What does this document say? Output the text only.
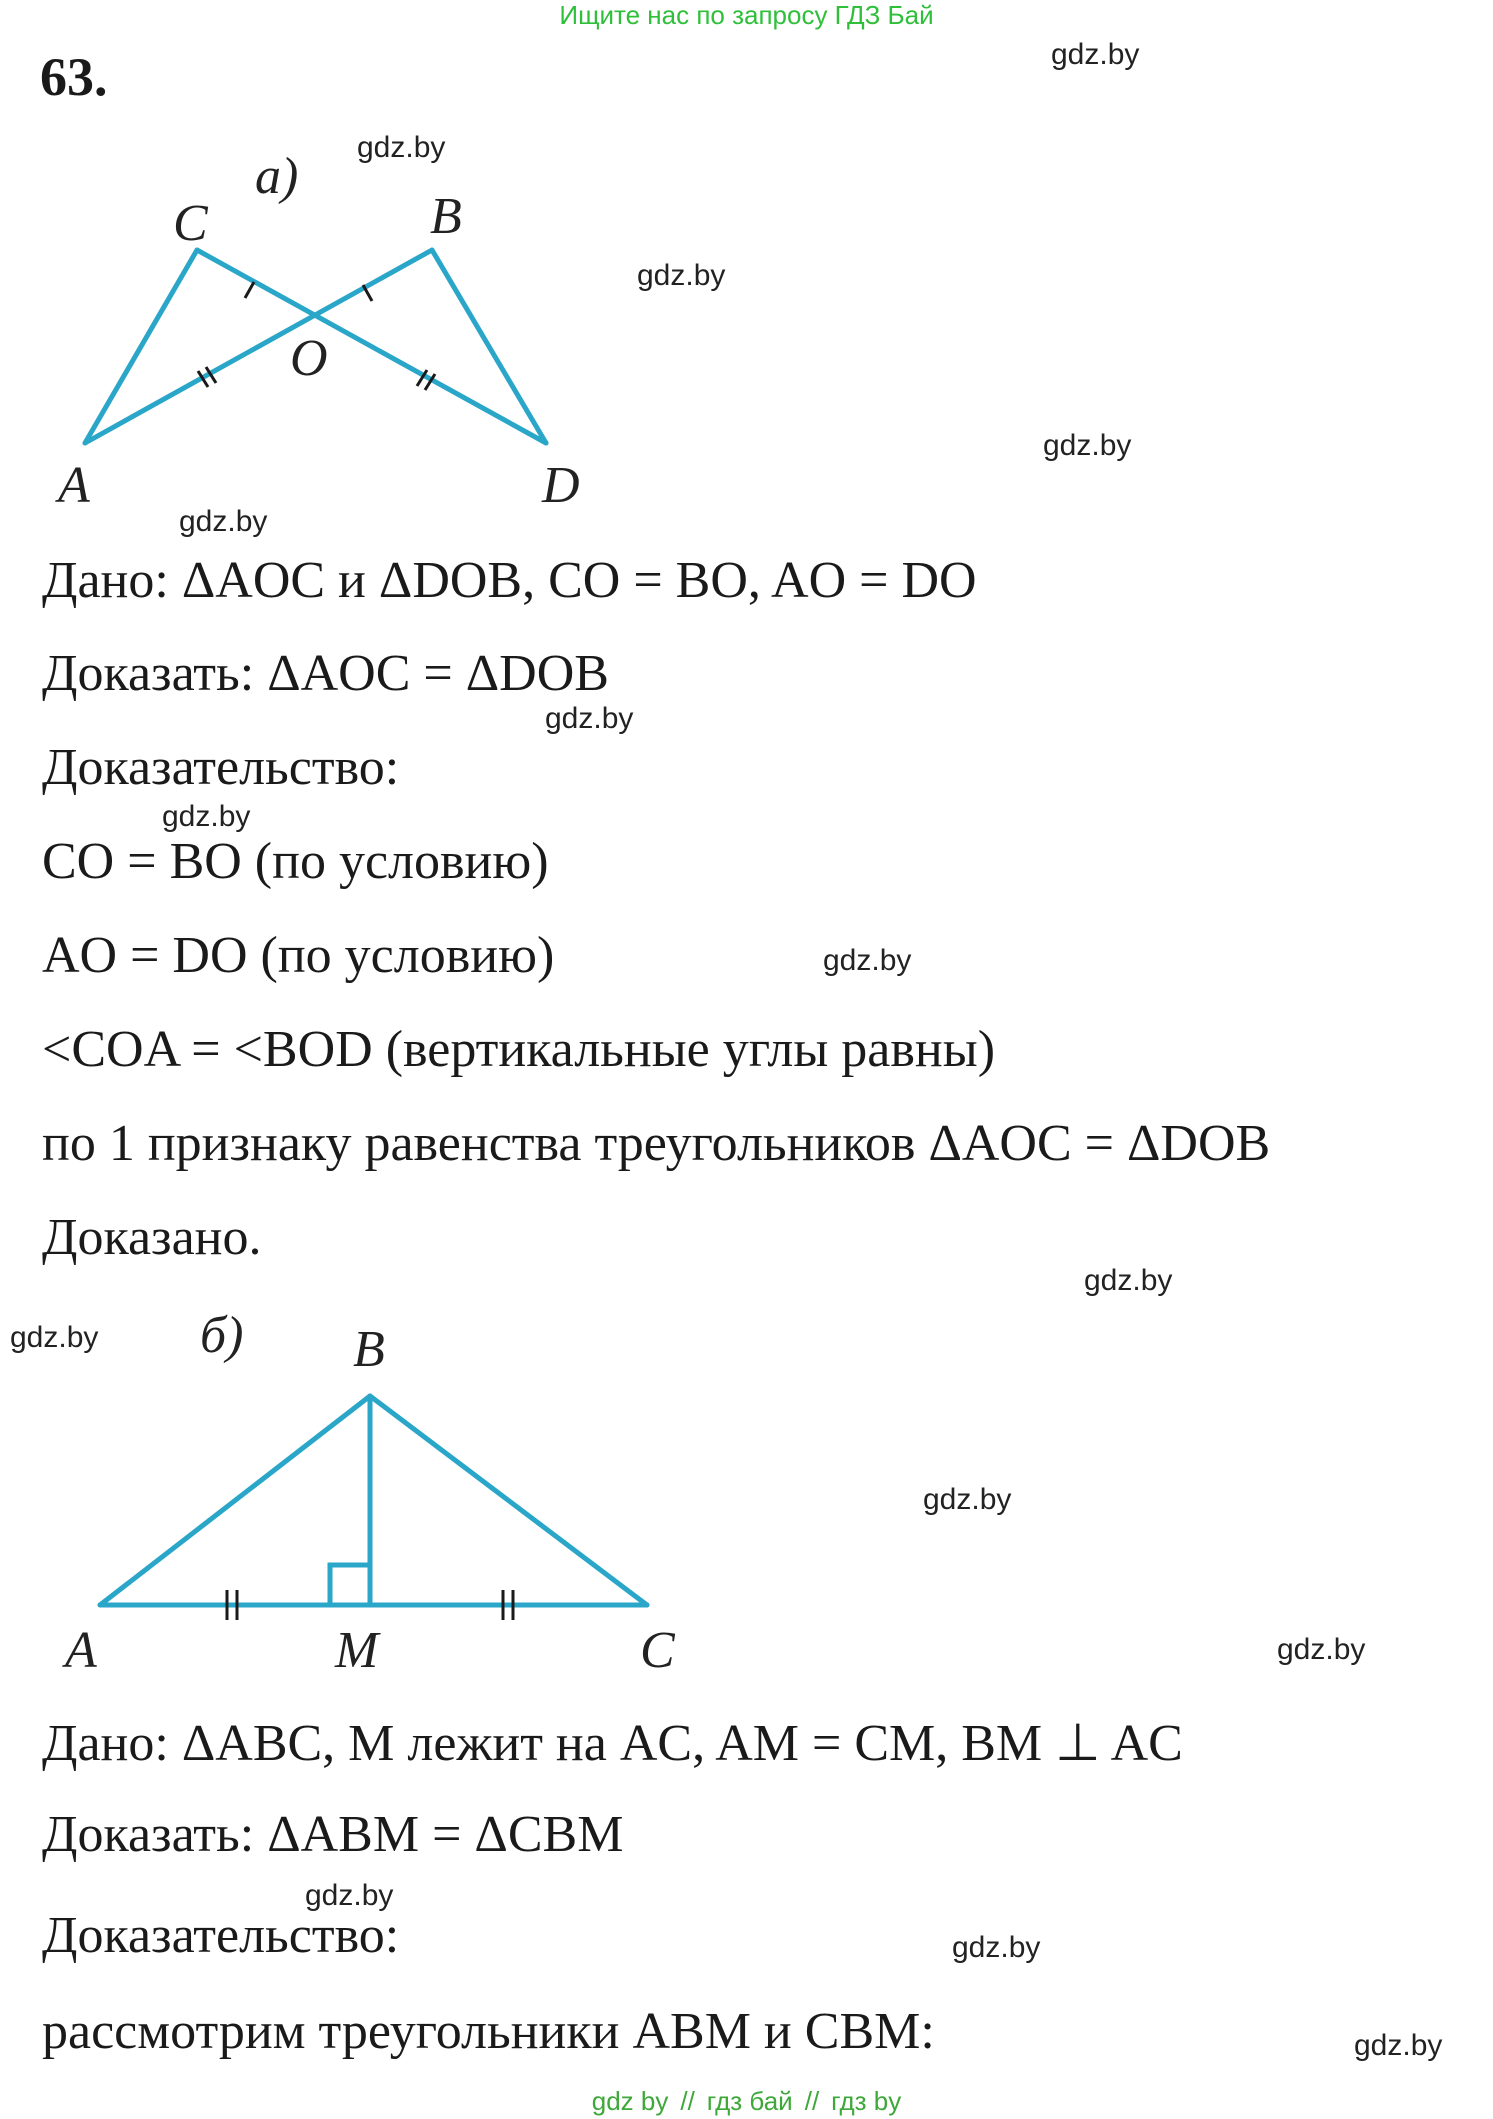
Ищите нас по запросу ГДЗ Бай
63.
а)
C	B
O
A	D
gdz.by
gdz.by
gdz.by
gdz.by
gdz.by
gdz.by
gdz.by
gdz.by
gdz.by
gdz.by
gdz.by
gdz.by
gdz.by
gdz.by
gdz.by
Дано: ΔAOC и ΔDOB, CO = BO, AO = DO
Доказать: ΔAOC = ΔDOB
Доказательство:
CO = BO (по условию)
AO = DO (по условию)
<COA = <BOD (вертикальные углы равны)
по 1 признаку равенства треугольников ΔAOC = ΔDOB
Доказано.
б) B
A	M	C
Дано: ΔABC, M лежит на AC, AM = CM, BM ⊥ AC
Доказать: ΔABM = ΔCBM
Доказательство:
рассмотрим треугольники ABM и CBM:
gdz by // гдз бай // гдз by
